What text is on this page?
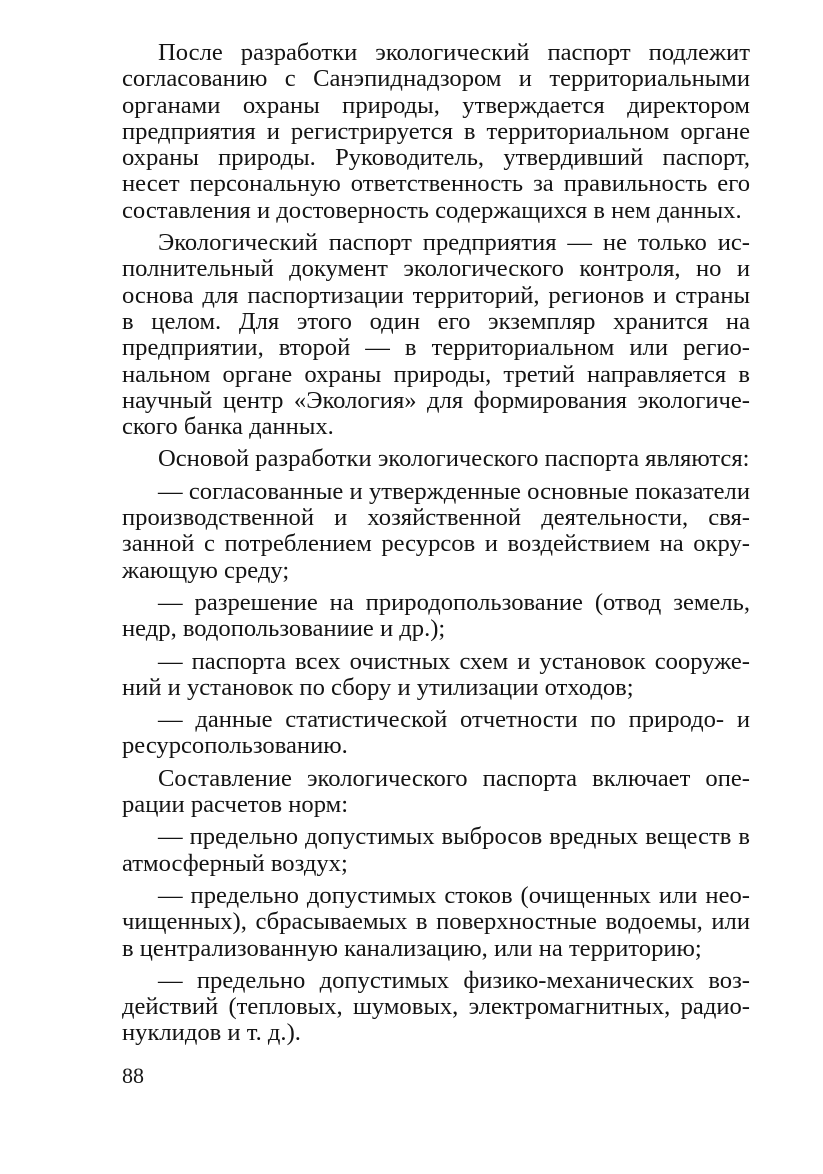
После разработки экологический паспорт подлежит согласованию с Санэпиднадзором и территориальными органами охраны природы, утверждается директором предприятия и регистрируется в территориальном органе охраны природы. Руководитель, утвердивший паспорт, несет персональную ответственность за правильность его составления и достоверность содержащихся в нем данных.

Экологический паспорт предприятия — не только исполнительный документ экологического контроля, но и основа для паспортизации территорий, регионов и страны в целом. Для этого один его экземпляр хранится на предприятии, второй — в территориальном или региональном органе охраны природы, третий направляется в научный центр «Экология» для формирования экологического банка данных.

Основой разработки экологического паспорта являются:

— согласованные и утвержденные основные показатели производственной и хозяйственной деятельности, связанной с потреблением ресурсов и воздействием на окружающую среду;

— разрешение на природопользование (отвод земель, недр, водопользованиие и др.);

— паспорта всех очистных схем и установок сооружений и установок по сбору и утилизации отходов;

— данные статистической отчетности по природо- и ресурсопользованию.

Составление экологического паспорта включает операции расчетов норм:

— предельно допустимых выбросов вредных веществ в атмосферный воздух;

— предельно допустимых стоков (очищенных или неочищенных), сбрасываемых в поверхностные водоемы, или в централизованную канализацию, или на территорию;

— предельно допустимых физико-механических воздействий (тепловых, шумовых, электромагнитных, радионуклидов и т. д.).

88
